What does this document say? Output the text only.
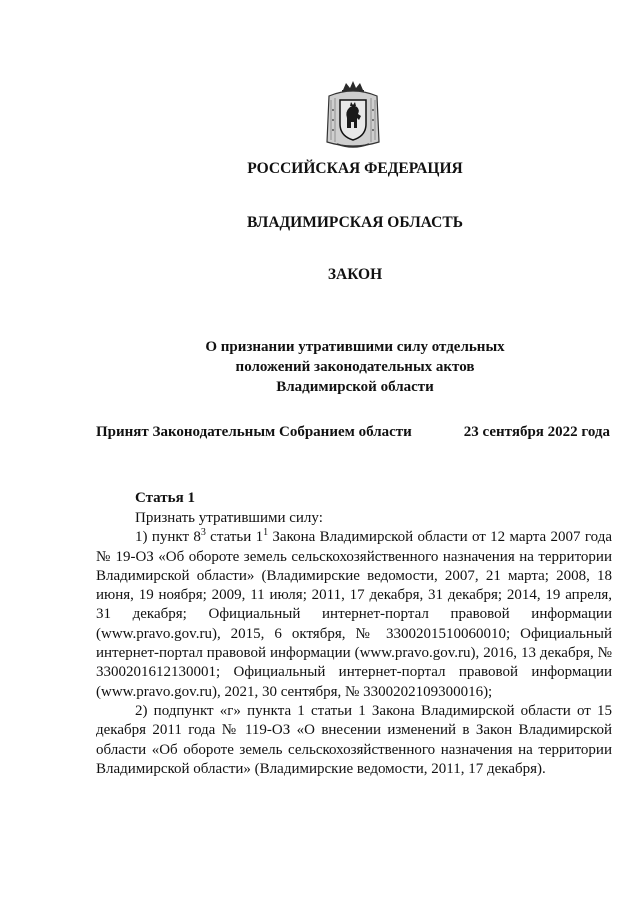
РОССИЙСКАЯ ФЕДЕРАЦИЯ
ВЛАДИМИРСКАЯ ОБЛАСТЬ
ЗАКОН
О признании утратившими силу отдельных
положений законодательных актов
Владимирской области
Принят Законодательным Собранием области	23 сентября 2022 года
Статья 1

Признать утратившими силу:

1) пункт $8^3$ статьи $1^1$ Закона Владимирской области от 12 марта 2007 года № 19-ОЗ «Об обороте земель сельскохозяйственного назначения на территории Владимирской области» (Владимирские ведомости, 2007, 21 марта; 2008, 18 июня, 19 ноября; 2009, 11 июля; 2011, 17 декабря, 31 декабря; 2014, 19 апреля, 31 декабря; Официальный интернет-портал правовой информации (www.pravo.gov.ru), 2015, 6 октября, № 3300201510060010; Официальный интернет-портал правовой информации (www.pravo.gov.ru), 2016, 13 декабря, № 3300201612130001; Официальный интернет-портал правовой информации (www.pravo.gov.ru), 2021, 30 сентября, № 3300202109300016);

2) подпункт «г» пункта 1 статьи 1 Закона Владимирской области от 15 декабря 2011 года № 119-ОЗ «О внесении изменений в Закон Владимирской области «Об обороте земель сельскохозяйственного назначения на территории Владимирской области» (Владимирские ведомости, 2011, 17 декабря).
